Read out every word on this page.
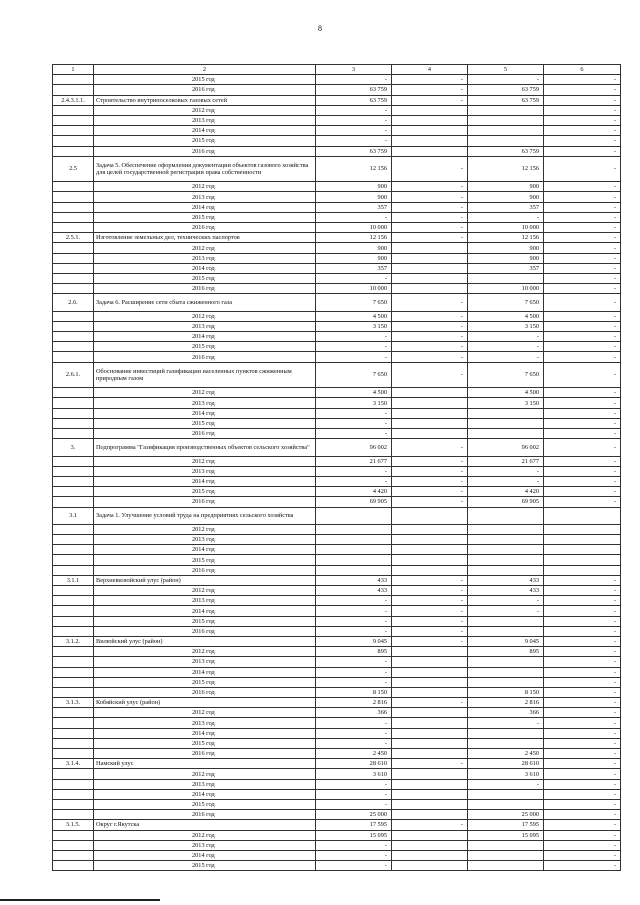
8
1	2	3	4	5	6
	2015 год	-	-	-	-
	2016 год	63 759	-	63 759	-
2.4.3.1.1.	Строительство внутрипоселковых газовых сетей	63 759	-	63 759	-
	2012 год	-			-
	2013 год	-			-
	2014 год	-			-
	2015 год	-			-
	2016 год	63 759		63 759	-
2.5	Задача 5. Обеспечение оформления документации объектов газового хозяйства для целей государственной регистрации права собственности	12 156	-	12 156	-
	2012 год	900	-	900	-
	2013 год	900	-	900	-
	2014 год	357	-	357	-
	2015 год	-	-	-	-
	2016 год	10 000	-	10 000	-
2.5.1.	Изготовление земельных дел, технических паспортов	12 156	-	12 156	-
	2012 год	900		900	-
	2013 год	900		900	-
	2014 год	357		357	-
	2015 год	-			-
	2016 год	10 000		10 000	-
2.6.	Задача 6. Расширение сети сбыта сжиженного газа	7 650	-	7 650	-
	2012 год	4 500	-	4 500	-
	2013 год	3 150	-	3 150	-
	2014 год	-	-	-	-
	2015 год	-	-	-	-
	2016 год	-	-	-	-
2.6.1.	Обоснование инвестиций газификации населенных пунктов сжиженным природным газом	7 650	-	7 650	-
	2012 год	4 500		4 500	-
	2013 год	3 150		3 150	-
	2014 год	-			-
	2015 год	-			-
	2016 год	-			-
3.	Подпрограмма "Газификация производственных объектов сельского хозяйства"	96 002	-	96 002	-
	2012 год	21 677	-	21 677	-
	2013 год	-	-	-	-
	2014 год	-	-	-	-
	2015 год	4 420	-	4 420	-
	2016 год	69 905	-	69 905	-
3.1	Задача 1. Улучшение условий труда на предприятиях сельского хозяйства				
	2012 год				
	2013 год				
	2014 год				
	2015 год				
	2016 год				
3.1.1	Верхневилюйский улус (район)	433	-	433	-
	2012 год	433	-	433	-
	2013 год	-	-	-	-
	2014 год	-	-	-	-
	2015 год	-	-		-
	2016 год	-	-		-
3.1.2.	Вилюйский улус (район)	9 045	-	9 045	-
	2012 год	895		895	-
	2013 год	-			-
	2014 год	-			-
	2015 год	-			-
	2016 год	8 150		8 150	-
3.1.3.	Кобяйский улус (район)	2 816	-	2 816	-
	2012 год	366		366	-
	2013 год	-		-	-
	2014 год	-			-
	2015 год	-			-
	2016 год	2 450		2 450	-
3.1.4.	Намский улус	28 610	-	28 610	-
	2012 год	3 610		3 610	-
	2013 год	-		-	-
	2014 год	-			-
	2015 год	-			-
	2016 год	25 000		25 000	-
3.1.5.	Округ г.Якутска	17 595	-	17 595	-
	2012 год	15 095		15 095	-
	2013 год	-			-
	2014 год	-			-
	2015 год	-			-
